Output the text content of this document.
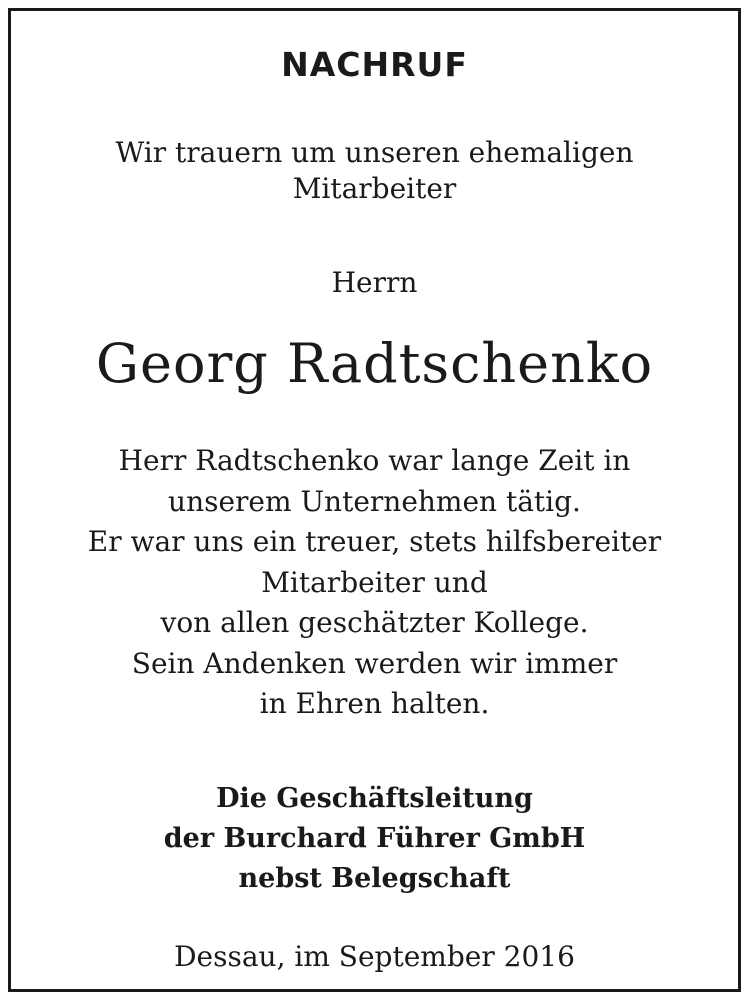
NACHRUF
Wir trauern um unseren ehemaligen
Mitarbeiter
Herrn
Georg Radtschenko
Herr Radtschenko war lange Zeit in
unserem Unternehmen tätig.
Er war uns ein treuer, stets hilfsbereiter
Mitarbeiter und
von allen geschätzter Kollege.
Sein Andenken werden wir immer
in Ehren halten.
Die Geschäftsleitung
der Burchard Führer GmbH
nebst Belegschaft
Dessau, im September 2016
